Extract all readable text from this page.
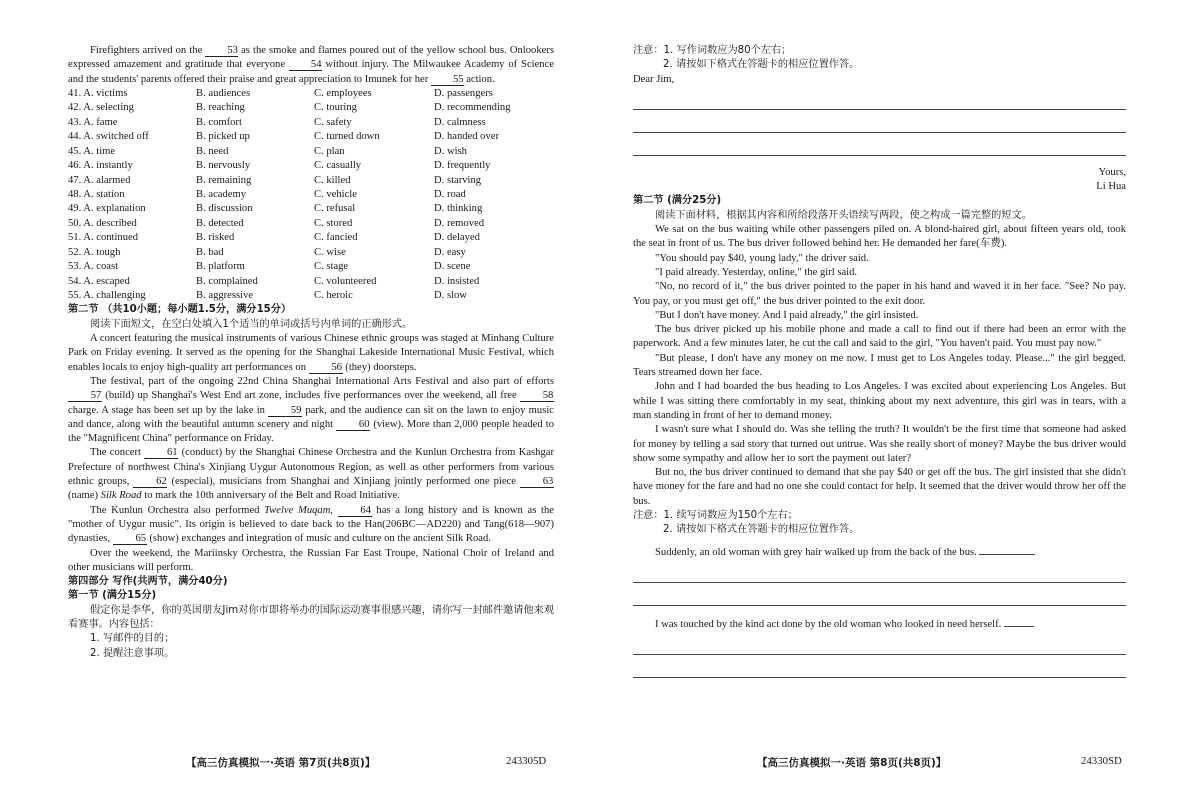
Firefighters arrived on the 53 as the smoke and flames poured out of the yellow school bus. Onlookers expressed amazement and gratitude that everyone 54 without injury. The Milwaukee Academy of Science and the students' parents offered their praise and great appreciation to Imunek for her 55 action.

41. A. victims	B. audiences	C. employees	D. passengers
42. A. selecting	B. reaching	C. touring	D. recommending
43. A. fame	B. comfort	C. safety	D. calmness
44. A. switched off	B. picked up	C. turned down	D. handed over
45. A. time	B. need	C. plan	D. wish
46. A. instantly	B. nervously	C. casually	D. frequently
47. A. alarmed	B. remaining	C. killed	D. starving
48. A. station	B. academy	C. vehicle	D. road
49. A. explanation	B. discussion	C. refusal	D. thinking
50. A. described	B. detected	C. stored	D. removed
51. A. continued	B. risked	C. fancied	D. delayed
52. A. tough	B. bad	C. wise	D. easy
53. A. coast	B. platform	C. stage	D. scene
54. A. escaped	B. complained	C. volunteered	D. insisted
55. A. challenging	B. aggressive	C. heroic	D. slow

第二节 （共10小题；每小题1.5分，满分15分）

阅读下面短文，在空白处填入1个适当的单词或括号内单词的正确形式。

A concert featuring the musical instruments of various Chinese ethnic groups was staged at Minhang Culture Park on Friday evening. It served as the opening for the Shanghai Lakeside International Music Festival, which enables locals to enjoy high-quality art performances on 56 (they) doorsteps.

The festival, part of the ongoing 22nd China Shanghai International Arts Festival and also part of efforts 57 (build) up Shanghai's West End art zone, includes five performances over the weekend, all free 58 charge. A stage has been set up by the lake in 59 park, and the audience can sit on the lawn to enjoy music and dance, along with the beautiful autumn scenery and night 60 (view). More than 2,000 people headed to the "Magnificent China" performance on Friday.

The concert 61 (conduct) by the Shanghai Chinese Orchestra and the Kunlun Orchestra from Kashgar Prefecture of northwest China's Xinjiang Uygur Autonomous Region, as well as other performers from various ethnic groups, 62 (especial), musicians from Shanghai and Xinjiang jointly performed one piece 63 (name) Silk Road to mark the 10th anniversary of the Belt and Road Initiative.

The Kunlun Orchestra also performed Twelve Muqam, 64 has a long history and is known as the "mother of Uygur music". Its origin is believed to date back to the Han(206BC—AD220) and Tang(618—907) dynasties, 65 (show) exchanges and integration of music and culture on the ancient Silk Road.

Over the weekend, the Mariinsky Orchestra, the Russian Far East Troupe, National Choir of Ireland and other musicians will perform.

第四部分 写作(共两节，满分40分)

第一节 (满分15分)

假定你是李华，你的英国朋友Jim对你市即将举办的国际运动赛事很感兴趣，请你写一封邮件邀请他来观看赛事。内容包括：

1. 写邮件的目的；

2. 提醒注意事项。

【高三仿真模拟一·英语 第7页(共8页)】	243305D

注意：1. 写作词数应为80个左右；

2. 请按如下格式在答题卡的相应位置作答。

Dear Jim,

Yours,

Li Hua

第二节 (满分25分)

阅读下面材料，根据其内容和所给段落开头语续写两段，使之构成一篇完整的短文。

We sat on the bus waiting while other passengers piled on. A blond-haired girl, about fifteen years old, took the seat in front of us. The bus driver followed behind her. He demanded her fare(车费).

"You should pay $40, young lady," the driver said.

"I paid already. Yesterday, online," the girl said.

"No, no record of it," the bus driver pointed to the paper in his hand and waved it in her face. "See? No pay. You pay, or you must get off," the bus driver pointed to the exit door.

"But I don't have money. And I paid already," the girl insisted.

The bus driver picked up his mobile phone and made a call to find out if there had been an error with the paperwork. And a few minutes later, he cut the call and said to the girl, "You haven't paid. You must pay now."

"But please, I don't have any money on me now. I must get to Los Angeles today. Please..." the girl begged. Tears streamed down her face.

John and I had boarded the bus heading to Los Angeles. I was excited about experiencing Los Angeles. But while I was sitting there comfortably in my seat, thinking about my next adventure, this girl was in tears, with a man standing in front of her to demand money.

I wasn't sure what I should do. Was she telling the truth? It wouldn't be the first time that someone had asked for money by telling a sad story that turned out untrue. Was she really short of money? Maybe the bus driver would show some sympathy and allow her to sort the payment out later?

But no, the bus driver continued to demand that she pay $40 or get off the bus. The girl insisted that she didn't have money for the fare and had no one she could contact for help. It seemed that the driver would throw her off the bus.

注意：1. 续写词数应为150个左右；

2. 请按如下格式在答题卡的相应位置作答。

Suddenly, an old woman with grey hair walked up from the back of the bus.

I was touched by the kind act done by the old woman who looked in need herself.

【高三仿真模拟一·英语 第8页(共8页)】	24330SD
